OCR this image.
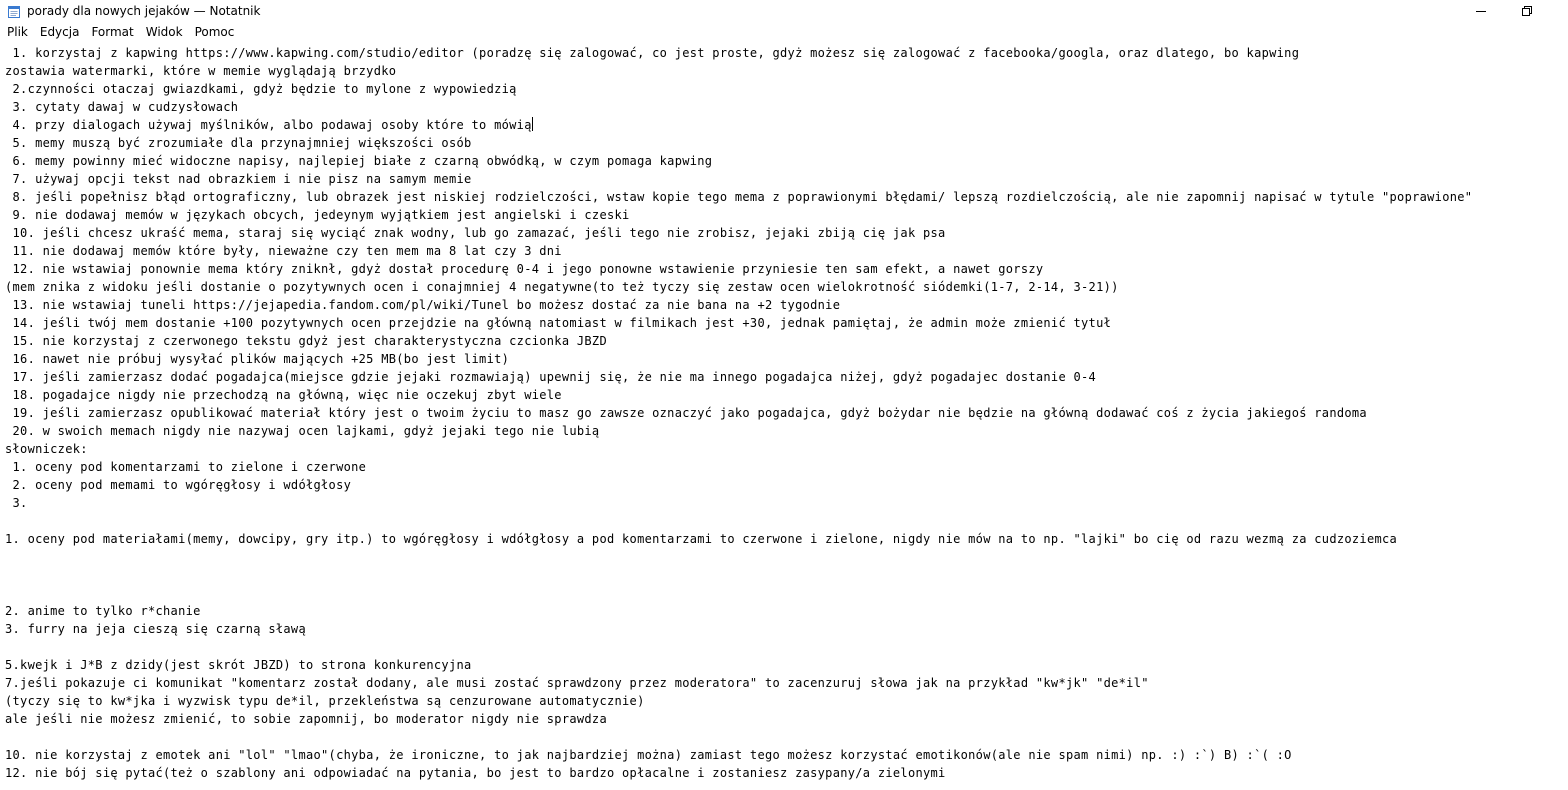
porady dla nowych jejaków — Notatnik
Plik	Edycja	Format	Widok	Pomoc
1. korzystaj z kapwing https://www.kapwing.com/studio/editor (poradzę się zalogować, co jest proste, gdyż możesz się zalogować z facebooka/googla, oraz dlatego, bo kapwing
zostawia watermarki, które w memie wyglądają brzydko
2.czynności otaczaj gwiazdkami, gdyż będzie to mylone z wypowiedzią
3. cytaty dawaj w cudzysłowach
4. przy dialogach używaj myślników, albo podawaj osoby które to mówią
5. memy muszą być zrozumiałe dla przynajmniej większości osób
6. memy powinny mieć widoczne napisy, najlepiej białe z czarną obwódką, w czym pomaga kapwing
7. używaj opcji tekst nad obrazkiem i nie pisz na samym memie
8. jeśli popełnisz błąd ortograficzny, lub obrazek jest niskiej rodzielczości, wstaw kopie tego mema z poprawionymi błędami/ lepszą rozdielczością, ale nie zapomnij napisać w tytule "poprawione"
9. nie dodawaj memów w językach obcych, jedeynym wyjątkiem jest angielski i czeski
10. jeśli chcesz ukraść mema, staraj się wyciąć znak wodny, lub go zamazać, jeśli tego nie zrobisz, jejaki zbiją cię jak psa
11. nie dodawaj memów które były, nieważne czy ten mem ma 8 lat czy 3 dni
12. nie wstawiaj ponownie mema który zniknł, gdyż dostał procedurę 0-4 i jego ponowne wstawienie przyniesie ten sam efekt, a nawet gorszy
(mem znika z widoku jeśli dostanie o pozytywnych ocen i conajmniej 4 negatywne(to też tyczy się zestaw ocen wielokrotność siódemki(1-7, 2-14, 3-21))
13. nie wstawiaj tuneli https://jejapedia.fandom.com/pl/wiki/Tunel bo możesz dostać za nie bana na +2 tygodnie
14. jeśli twój mem dostanie +100 pozytywnych ocen przejdzie na główną natomiast w filmikach jest +30, jednak pamiętaj, że admin może zmienić tytuł
15. nie korzystaj z czerwonego tekstu gdyż jest charakterystyczna czcionka JBZD
16. nawet nie próbuj wysyłać plików mających +25 MB(bo jest limit)
17. jeśli zamierzasz dodać pogadajca(miejsce gdzie jejaki rozmawiają) upewnij się, że nie ma innego pogadajca niżej, gdyż pogadajec dostanie 0-4
18. pogadajce nigdy nie przechodzą na główną, więc nie oczekuj zbyt wiele
19. jeśli zamierzasz opublikować materiał który jest o twoim życiu to masz go zawsze oznaczyć jako pogadajca, gdyż bożydar nie będzie na główną dodawać coś z życia jakiegoś randoma
20. w swoich memach nigdy nie nazywaj ocen lajkami, gdyż jejaki tego nie lubią
słowniczek:
1. oceny pod komentarzami to zielone i czerwone
2. oceny pod memami to wgóręgłosy i wdółgłosy
3.
1. oceny pod materiałami(memy, dowcipy, gry itp.) to wgóręgłosy i wdółgłosy a pod komentarzami to czerwone i zielone, nigdy nie mów na to np. "lajki" bo cię od razu wezmą za cudzoziemca
2. anime to tylko r*chanie
3. furry na jeja cieszą się czarną sławą
5.kwejk i J*B z dzidy(jest skrót JBZD) to strona konkurencyjna
7.jeśli pokazuje ci komunikat "komentarz został dodany, ale musi zostać sprawdzony przez moderatora" to zacenzuruj słowa jak na przykład "kw*jk" "de*il"
(tyczy się to kw*jka i wyzwisk typu de*il, przekleństwa są cenzurowane automatycznie)
ale jeśli nie możesz zmienić, to sobie zapomnij, bo moderator nigdy nie sprawdza
10. nie korzystaj z emotek ani "lol" "lmao"(chyba, że ironiczne, to jak najbardziej można) zamiast tego możesz korzystać emotikonów(ale nie spam nimi) np. :) :`) B) :`( :O
12. nie bój się pytać(też o szablony ani odpowiadać na pytania, bo jest to bardzo opłacalne i zostaniesz zasypany/a zielonymi
